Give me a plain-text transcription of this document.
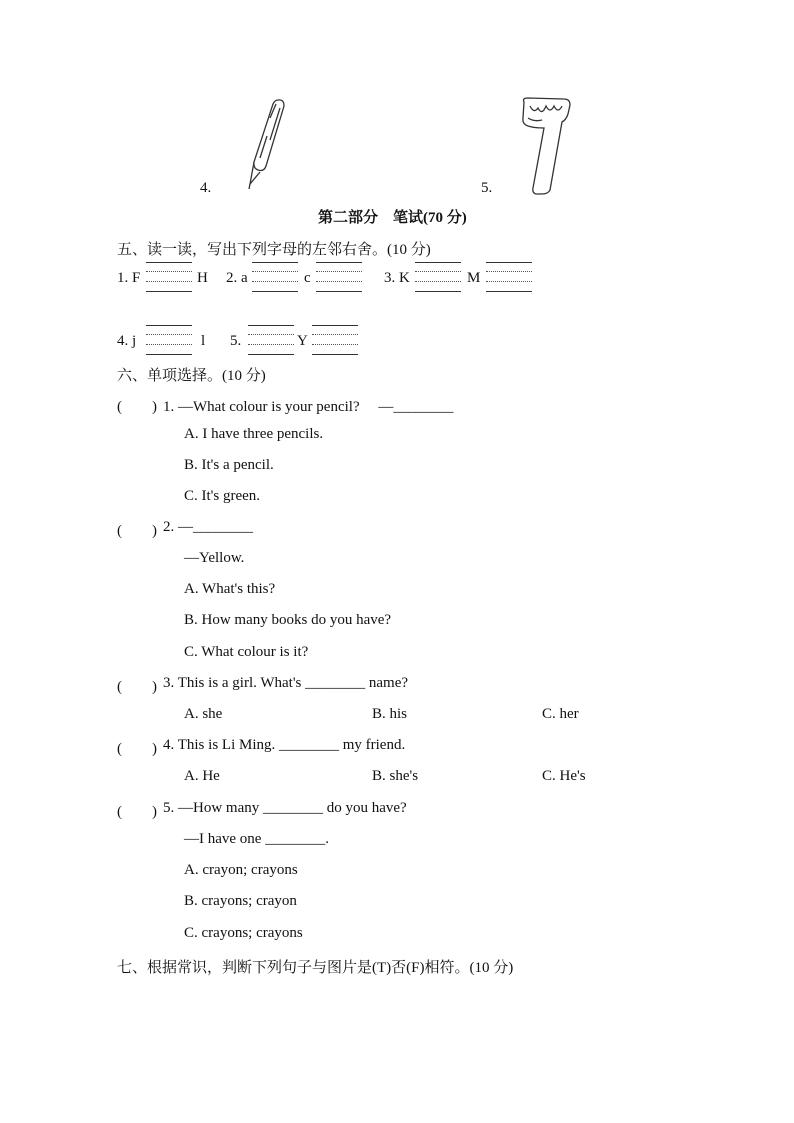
4.	5.
第二部分　笔试(70 分)
五、读一读，写出下列字母的左邻右舍。(10 分)
1. F	H 2. a	c	3. K	M
4. j	l 5.	Y
六、单项选择。(10 分)
(　　) 1. —What colour is your pencil?　 —________
A. I have three pencils.
B. It's a pencil.
C. It's green.
(　　) 2. —________
—Yellow.
A. What's this?
B. How many books do you have?
C. What colour is it?
(　　) 3. This is a girl. What's ________ name?
A. she	B. his	C. her
(　　) 4. This is Li Ming. ________ my friend.
A. He	B. she's	C. He's
(　　) 5. —How many ________ do you have?
—I have one ________.
A. crayon; crayons
B. crayons; crayon
C. crayons; crayons
七、根据常识，判断下列句子与图片是(T)否(F)相符。(10 分)
